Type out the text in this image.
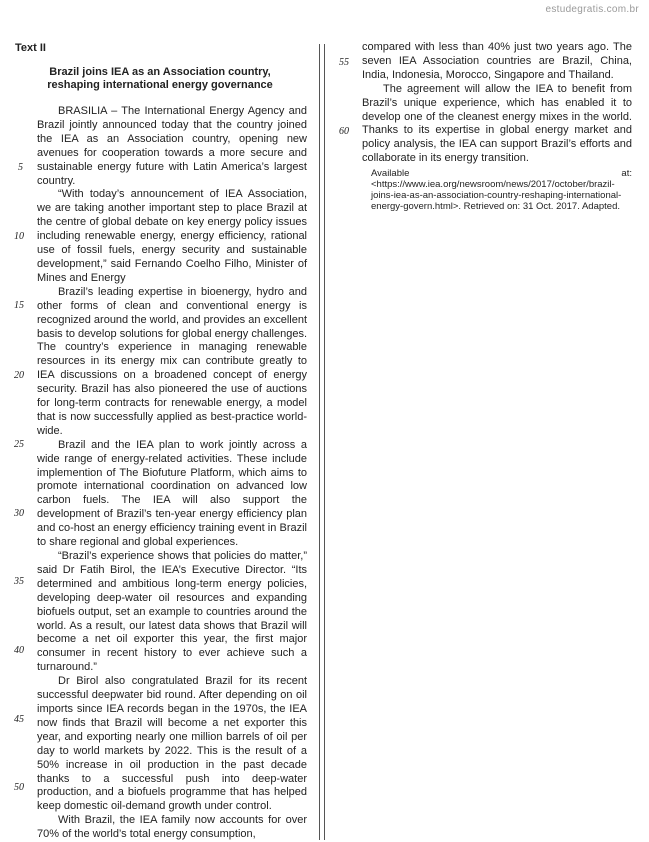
estudegratis.com.br
Text II
Brazil joins IEA as an Association country, reshaping international energy governance
5
10
15
20
25
30
35
40
45
50

BRASILIA – The International Energy Agency and Brazil jointly announced today that the country joined the IEA as an Association country, opening new avenues for cooperation towards a more secure and sustainable energy future with Latin America’s largest country.

“With today’s announcement of IEA Association, we are taking another important step to place Brazil at the centre of global debate on key energy policy issues including renewable energy, energy efficiency, rational use of fossil fuels, energy security and sustainable development,” said Fernando Coelho Filho, Minister of Mines and Energy

Brazil’s leading expertise in bioenergy, hydro and other forms of clean and conventional energy is recognized around the world, and provides an excellent basis to develop solutions for global energy challenges. The country’s experience in managing renewable resources in its energy mix can contribute greatly to IEA discussions on a broadened concept of energy security. Brazil has also pioneered the use of auctions for long-term contracts for renewable energy, a model that is now successfully applied as best-practice world-wide.

Brazil and the IEA plan to work jointly across a wide range of energy-related activities. These include implemention of The Biofuture Platform, which aims to promote international coordination on advanced low carbon fuels. The IEA will also support the development of Brazil’s ten-year energy efficiency plan and co-host an energy efficiency training event in Brazil to share regional and global experiences.

“Brazil’s experience shows that policies do matter,” said Dr Fatih Birol, the IEA’s Executive Director. “Its determined and ambitious long-term energy policies, developing deep-water oil resources and expanding biofuels output, set an example to countries around the world. As a result, our latest data shows that Brazil will become a net oil exporter this year, the first major consumer in recent history to ever achieve such a turnaround.”

Dr Birol also congratulated Brazil for its recent successful deepwater bid round. After depending on oil imports since IEA records began in the 1970s, the IEA now finds that Brazil will become a net exporter this year, and exporting nearly one million barrels of oil per day to world markets by 2022. This is the result of a 50% increase in oil production in the past decade thanks to a successful push into deep-water production, and a biofuels programme that has helped keep domestic oil-demand growth under control.

With Brazil, the IEA family now accounts for over 70% of the world’s total energy consumption,

55
60

compared with less than 40% just two years ago. The seven IEA Association countries are Brazil, China, India, Indonesia, Morocco, Singapore and Thailand.

The agreement will allow the IEA to benefit from Brazil’s unique experience, which has enabled it to develop one of the cleanest energy mixes in the world. Thanks to its expertise in global energy market and policy analysis, the IEA can support Brazil’s efforts and collaborate in its energy transition.

Available at: <https://www.iea.org/newsroom/news/2017/october/brazil-joins-iea-as-an-association-country-reshaping-international-energy-govern.html>. Retrieved on: 31 Oct. 2017. Adapted.
